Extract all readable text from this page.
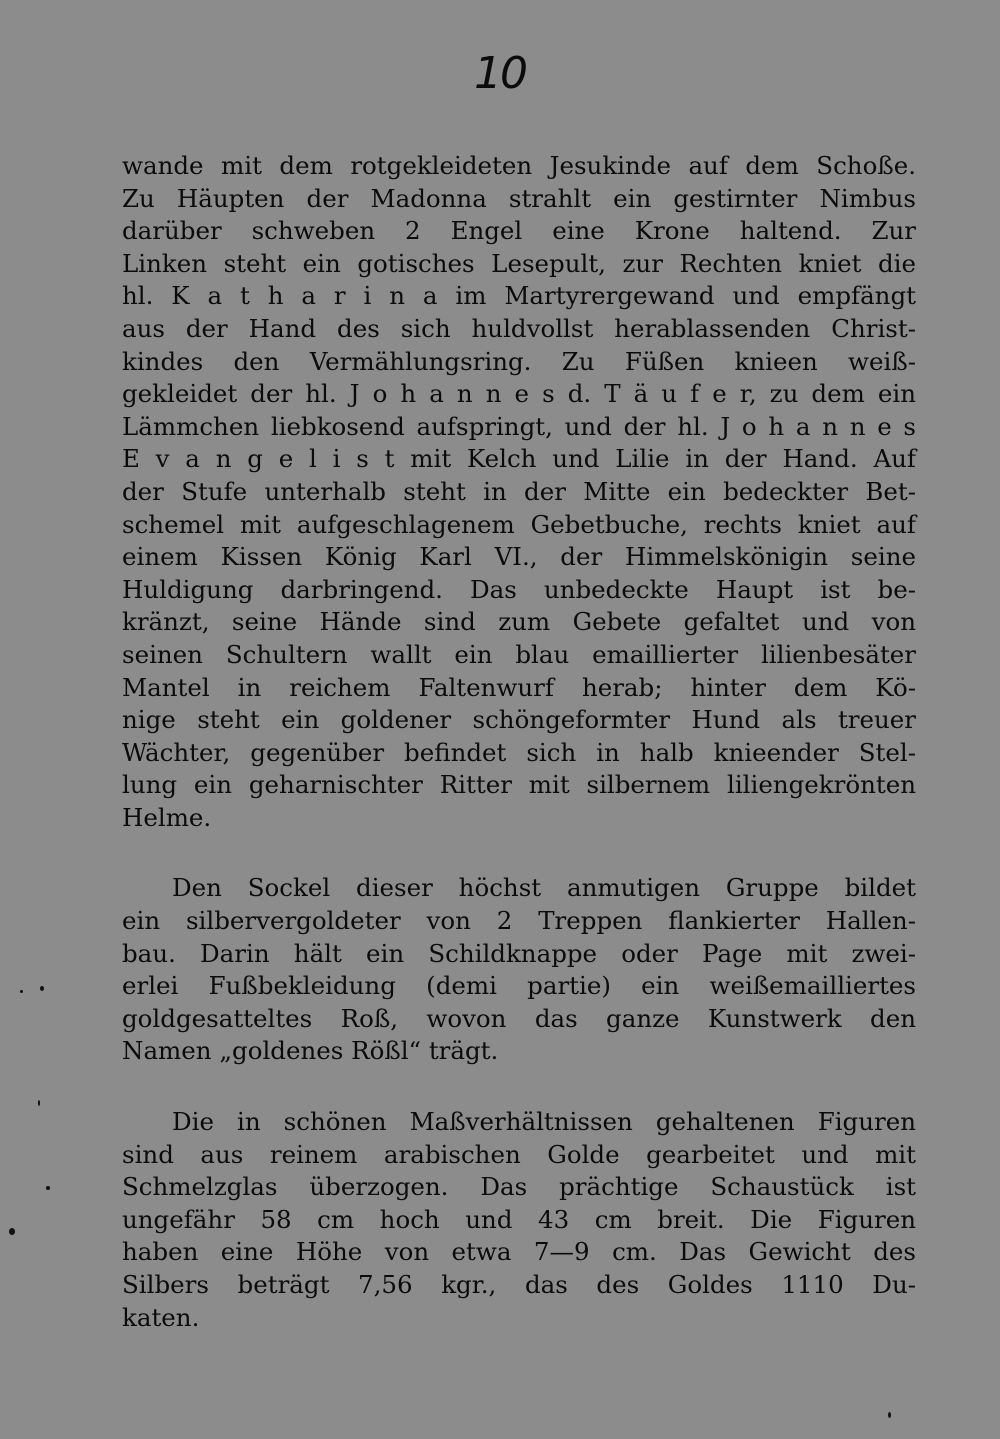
10
wande mit dem rotgekleideten Jesukinde auf dem Schoße.
Zu Häupten der Madonna strahlt ein gestirnter Nimbus
darüber schweben 2 Engel eine Krone haltend. Zur
Linken steht ein gotisches Lesepult, zur Rechten kniet die
hl. K a t h a r i n a im Martyrergewand und empfängt
aus der Hand des sich huldvollst herablassenden Christ-
kindes den Vermählungsring. Zu Füßen knieen weiß-
gekleidet der hl. J o h a n n e s d. T ä u f e r, zu dem ein
Lämmchen liebkosend aufspringt, und der hl. J o h a n n e s
E v a n g e l i s t mit Kelch und Lilie in der Hand. Auf
der Stufe unterhalb steht in der Mitte ein bedeckter Bet-
schemel mit aufgeschlagenem Gebetbuche, rechts kniet auf
einem Kissen König Karl VI., der Himmelskönigin seine
Huldigung darbringend. Das unbedeckte Haupt ist be-
kränzt, seine Hände sind zum Gebete gefaltet und von
seinen Schultern wallt ein blau emaillierter lilienbesäter
Mantel in reichem Faltenwurf herab; hinter dem Kö-
nige steht ein goldener schöngeformter Hund als treuer
Wächter, gegenüber befindet sich in halb knieender Stel-
lung ein geharnischter Ritter mit silbernem liliengekrönten
Helme.
Den Sockel dieser höchst anmutigen Gruppe bildet
ein silbervergoldeter von 2 Treppen flankierter Hallen-
bau. Darin hält ein Schildknappe oder Page mit zwei-
erlei Fußbekleidung (demi partie) ein weißemailliertes
goldgesatteltes Roß, wovon das ganze Kunstwerk den
Namen „goldenes Rößl“ trägt.
Die in schönen Maßverhältnissen gehaltenen Figuren
sind aus reinem arabischen Golde gearbeitet und mit
Schmelzglas überzogen. Das prächtige Schaustück ist
ungefähr 58 cm hoch und 43 cm breit. Die Figuren
haben eine Höhe von etwa 7—9 cm. Das Gewicht des
Silbers beträgt 7,56 kgr., das des Goldes 1110 Du-
katen.
